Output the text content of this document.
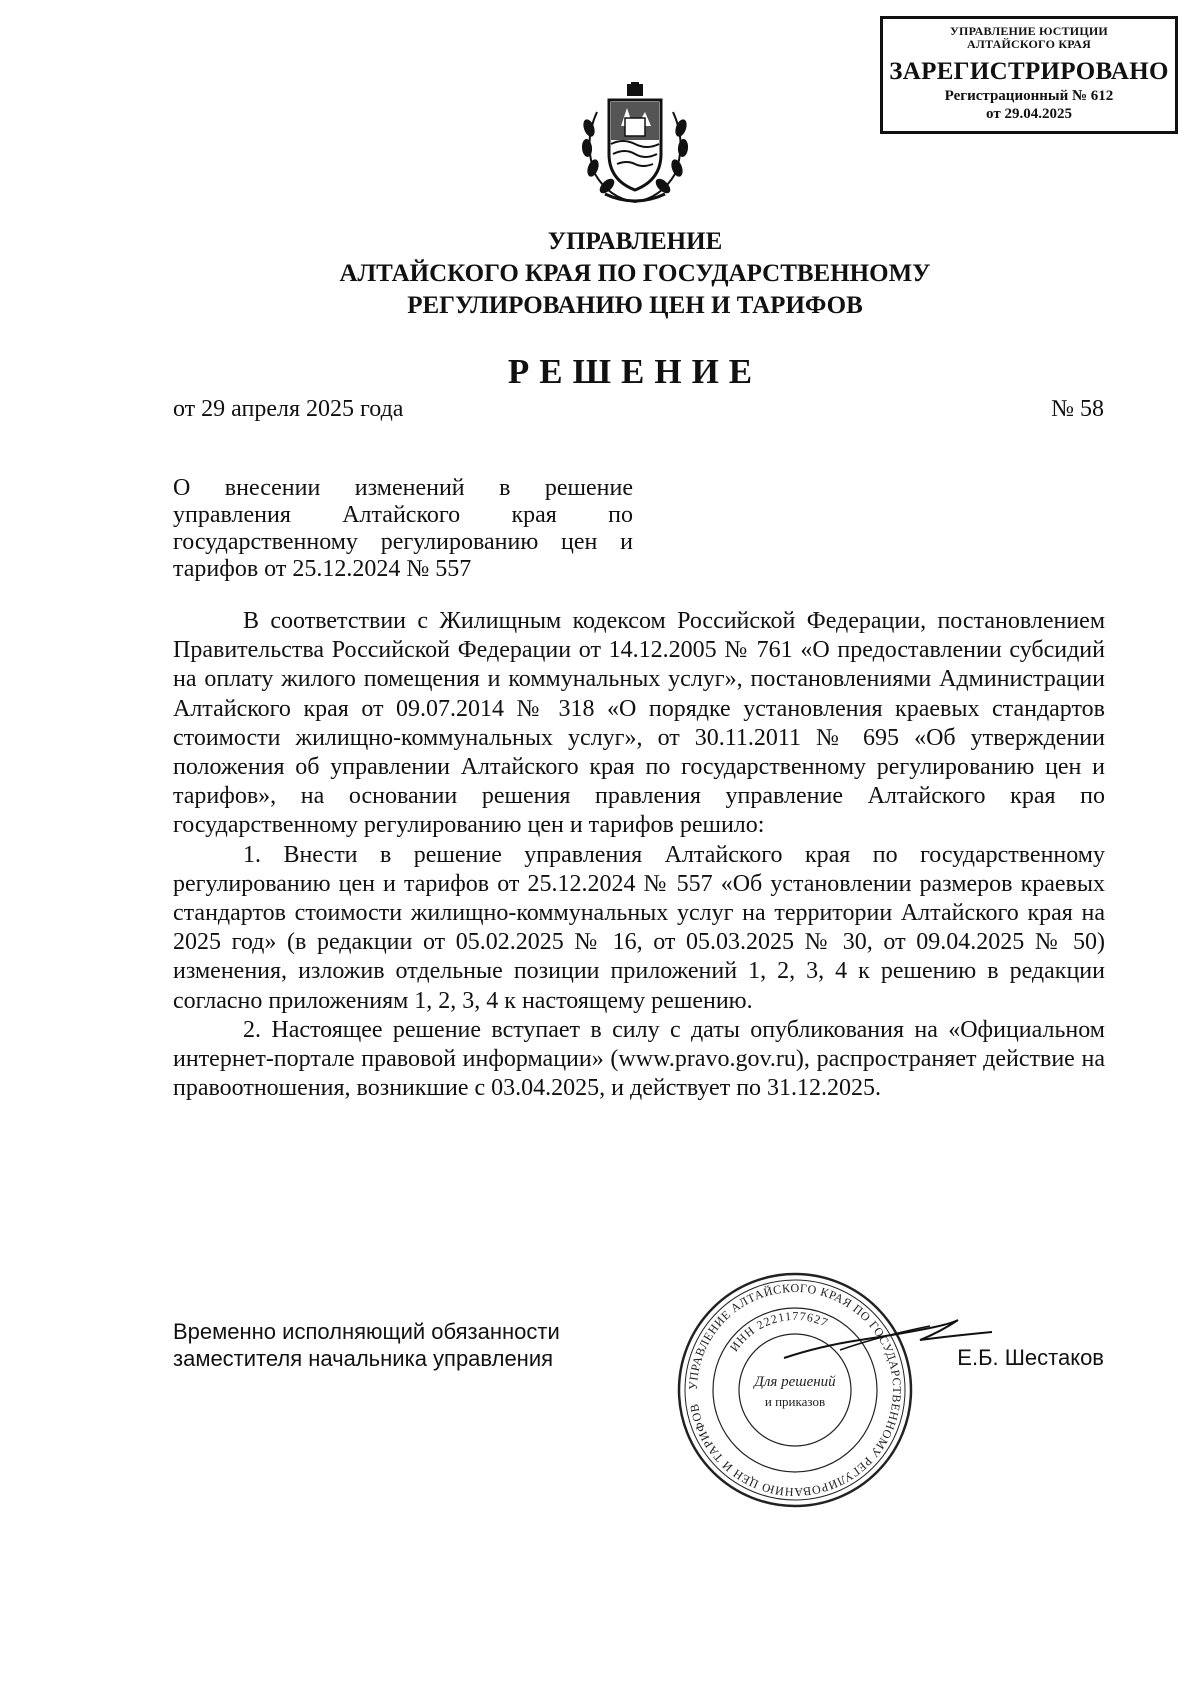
УПРАВЛЕНИЕ ЮСТИЦИИ
АЛТАЙСКОГО КРАЯ
ЗАРЕГИСТРИРОВАНО
Регистрационный № 612
от 29.04.2025
УПРАВЛЕНИЕ
АЛТАЙСКОГО КРАЯ ПО ГОСУДАРСТВЕННОМУ
РЕГУЛИРОВАНИЮ ЦЕН И ТАРИФОВ
РЕШЕНИЕ
от 29 апреля 2025 года	№ 58
О внесении изменений в решение управления Алтайского края по государственному регулированию цен и тарифов от 25.12.2024 № 557

В соответствии с Жилищным кодексом Российской Федерации, постановлением Правительства Российской Федерации от 14.12.2005 № 761 «О предоставлении субсидий на оплату жилого помещения и коммунальных услуг», постановлениями Администрации Алтайского края от 09.07.2014 № 318 «О порядке установления краевых стандартов стоимости жилищно-коммунальных услуг», от 30.11.2011 № 695 «Об утверждении положения об управлении Алтайского края по государственному регулированию цен и тарифов», на основании решения правления управление Алтайского края по государственному регулированию цен и тарифов решило:

1. Внести в решение управления Алтайского края по государственному регулированию цен и тарифов от 25.12.2024 № 557 «Об установлении размеров краевых стандартов стоимости жилищно-коммунальных услуг на территории Алтайского края на 2025 год» (в редакции от 05.02.2025 № 16, от 05.03.2025 № 30, от 09.04.2025 № 50) изменения, изложив отдельные позиции приложений 1, 2, 3, 4 к решению в редакции согласно приложениям 1, 2, 3, 4 к настоящему решению.

2. Настоящее решение вступает в силу с даты опубликования на «Официальном интернет-портале правовой информации» (www.pravo.gov.ru), распространяет действие на правоотношения, возникшие с 03.04.2025, и действует по 31.12.2025.

Временно исполняющий обязанности
заместителя начальника управления	Е.Б. Шестаков
УПРАВЛЕНИЕ АЛТАЙСКОГО КРАЯ ПО ГОСУДАРСТВЕННОМУ РЕГУЛИРОВАНИЮ ЦЕН И ТАРИФОВ
ИНН 2221177627
Для решений
и приказов
